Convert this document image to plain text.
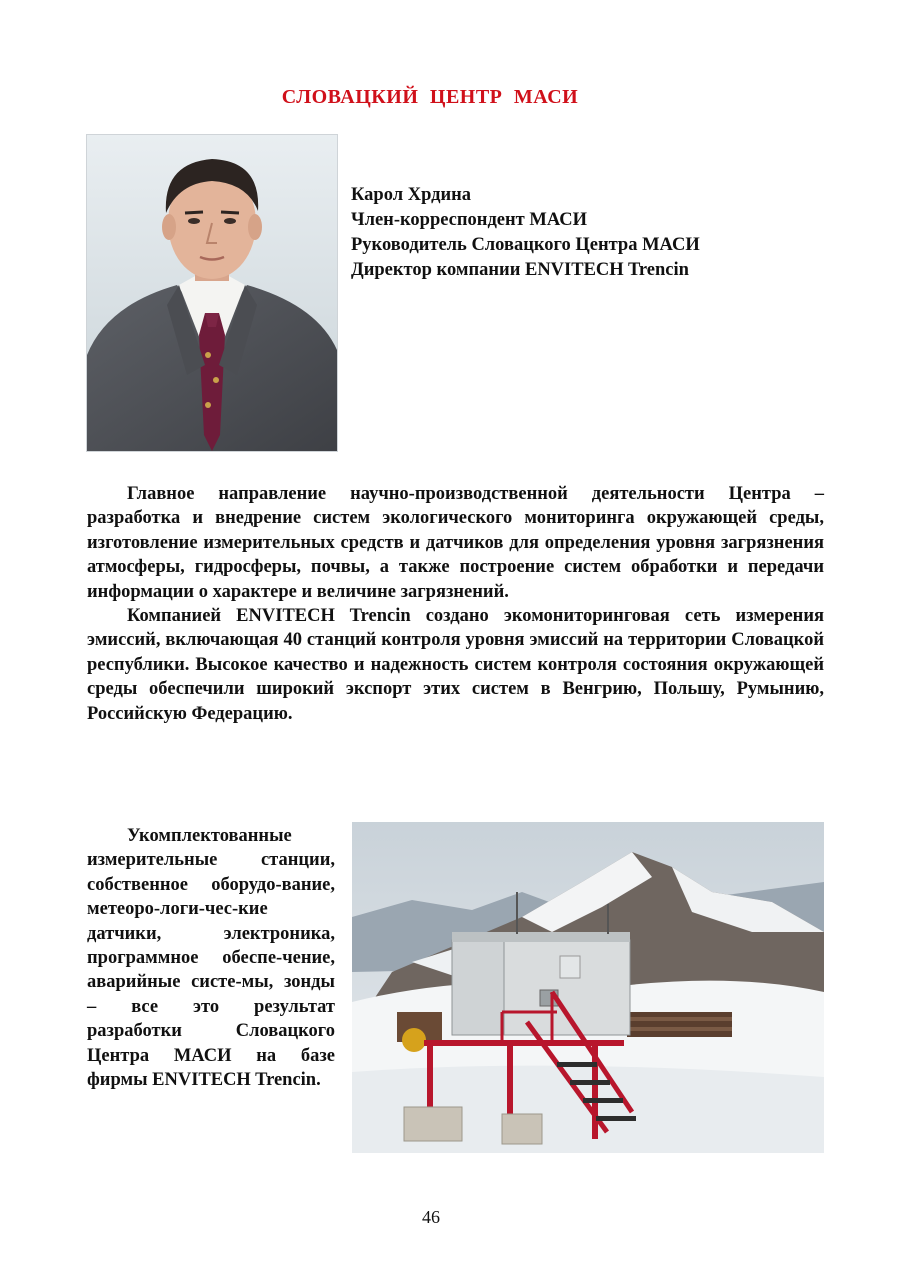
СЛОВАЦКИЙ ЦЕНТР МАСИ
Карол Хрдина
Член-корреспондент МАСИ
Руководитель Словацкого Центра МАСИ
Директор компании ENVITECH Trencin

Главное направление научно-производственной деятельности Центра – разработка и внедрение систем экологического мониторинга окружающей среды, изготовление измерительных средств и датчиков для определения уровня загрязнения атмосферы, гидросферы, почвы, а также построение систем обработки и передачи информации о характере и величине загрязнений.

Компанией ENVITECH Trencin создано экомониторинговая сеть измерения эмиссий, включающая 40 станций контроля уровня эмиссий на территории Словацкой республики. Высокое качество и надежность систем контроля состояния окружающей среды обеспечили широкий экспорт этих систем в Венгрию, Польшу, Румынию, Российскую Федерацию.

Укомплектованные измерительные станции, собственное оборудо-вание, метеоро-логи-чес-кие датчики, электроника, программное обеспе-чение, аварийные систе-мы, зонды – все это результат разработки Словацкого Центра МАСИ на базе фирмы ENVITECH Trencin.

46
